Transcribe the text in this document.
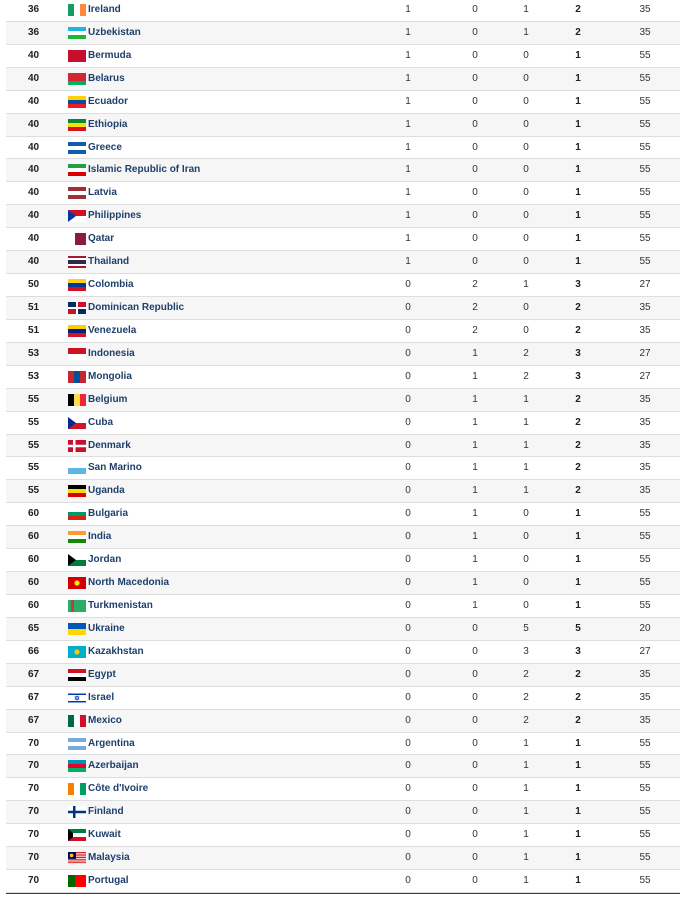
36	Ireland	1	0	1	2	35
36	Uzbekistan	1	0	1	2	35
40	Bermuda	1	0	0	1	55
40	Belarus	1	0	0	1	55
40	Ecuador	1	0	0	1	55
40	Ethiopia	1	0	0	1	55
40	Greece	1	0	0	1	55
40	Islamic Republic of Iran	1	0	0	1	55
40	Latvia	1	0	0	1	55
40	Philippines	1	0	0	1	55
40	Qatar	1	0	0	1	55
40	Thailand	1	0	0	1	55
50	Colombia	0	2	1	3	27
51	Dominican Republic	0	2	0	2	35
51	Venezuela	0	2	0	2	35
53	Indonesia	0	1	2	3	27
53	Mongolia	0	1	2	3	27
55	Belgium	0	1	1	2	35
55	Cuba	0	1	1	2	35
55	Denmark	0	1	1	2	35
55	San Marino	0	1	1	2	35
55	Uganda	0	1	1	2	35
60	Bulgaria	0	1	0	1	55
60	India	0	1	0	1	55
60	Jordan	0	1	0	1	55
60	North Macedonia	0	1	0	1	55
60	Turkmenistan	0	1	0	1	55
65	Ukraine	0	0	5	5	20
66	Kazakhstan	0	0	3	3	27
67	Egypt	0	0	2	2	35
67	Israel	0	0	2	2	35
67	Mexico	0	0	2	2	35
70	Argentina	0	0	1	1	55
70	Azerbaijan	0	0	1	1	55
70	Côte d'Ivoire	0	0	1	1	55
70	Finland	0	0	1	1	55
70	Kuwait	0	0	1	1	55
70	Malaysia	0	0	1	1	55
70	Portugal	0	0	1	1	55
